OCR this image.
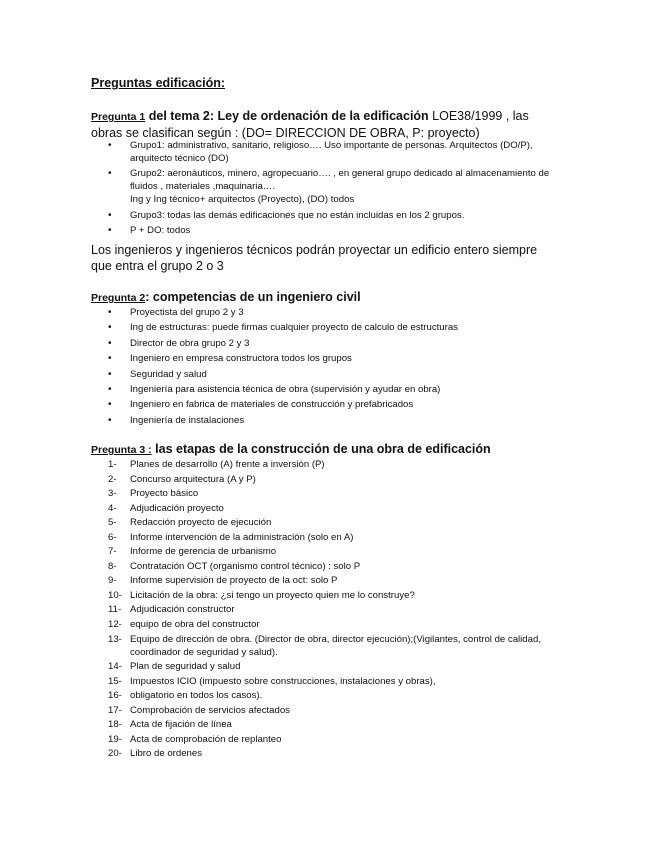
Preguntas edificación:
Pregunta 1 del tema 2: Ley de ordenación de la edificación LOE38/1999 , las obras se clasifican según : (DO= DIRECCION DE OBRA, P: proyecto)
• Grupo1: administrativo, sanitario, religioso…. Uso importante de personas. Arquitectos (DO/P), arquitecto técnico (DO)
• Grupo2: aeronáuticos, minero, agropecuario…. , en general grupo dedicado al almacenamiento de fluidos , materiales ,maquinaria….
Ing y Ing técnico+ arquitectos (Proyecto), (DO) todos
• Grupo3: todas las demás edificaciones que no están incluidas en los 2 grupos.
• P + DO: todos
Los ingenieros y ingenieros técnicos podrán proyectar un edificio entero siempre que entra el grupo 2 o 3
Pregunta 2: competencias de un ingeniero civil
• Proyectista del grupo 2 y 3
• Ing de estructuras: puede firmas cualquier proyecto de calculo de estructuras
• Director de obra grupo 2 y 3
• Ingeniero en empresa constructora todos los grupos
• Seguridad y salud
• Ingeniería para asistencia técnica de obra (supervisión y ayudar en obra)
• Ingeniero en fabrica de materiales de construcción y prefabricados
• Ingeniería de instalaciones
Pregunta 3 : las etapas de la construcción de una obra de edificación
1- Planes de desarrollo (A) frente a inversión (P)
2- Concurso arquitectura (A y P)
3- Proyecto básico
4- Adjudicación proyecto
5- Redacción proyecto de ejecución
6- Informe intervención de la administración (solo en A)
7- Informe de gerencia de urbanismo
8- Contratación OCT (organismo control técnico) : solo P
9- Informe supervisión de proyecto de la oct: solo P
10- Licitación de la obra: ¿si tengo un proyecto quien me lo construye?
11- Adjudicación constructor
12- equipo de obra del constructor
13- Equipo de dirección de obra. (Director de obra, director ejecución);(Vigilantes, control de calidad, coordinador de seguridad y salud).
14- Plan de seguridad y salud
15- Impuestos ICIO (impuesto sobre construcciones, instalaciones y obras),
16- obligatorio en todos los casos).
17- Comprobación de servicios afectados
18- Acta de fijación de línea
19- Acta de comprobación de replanteo
20- Libro de ordenes
